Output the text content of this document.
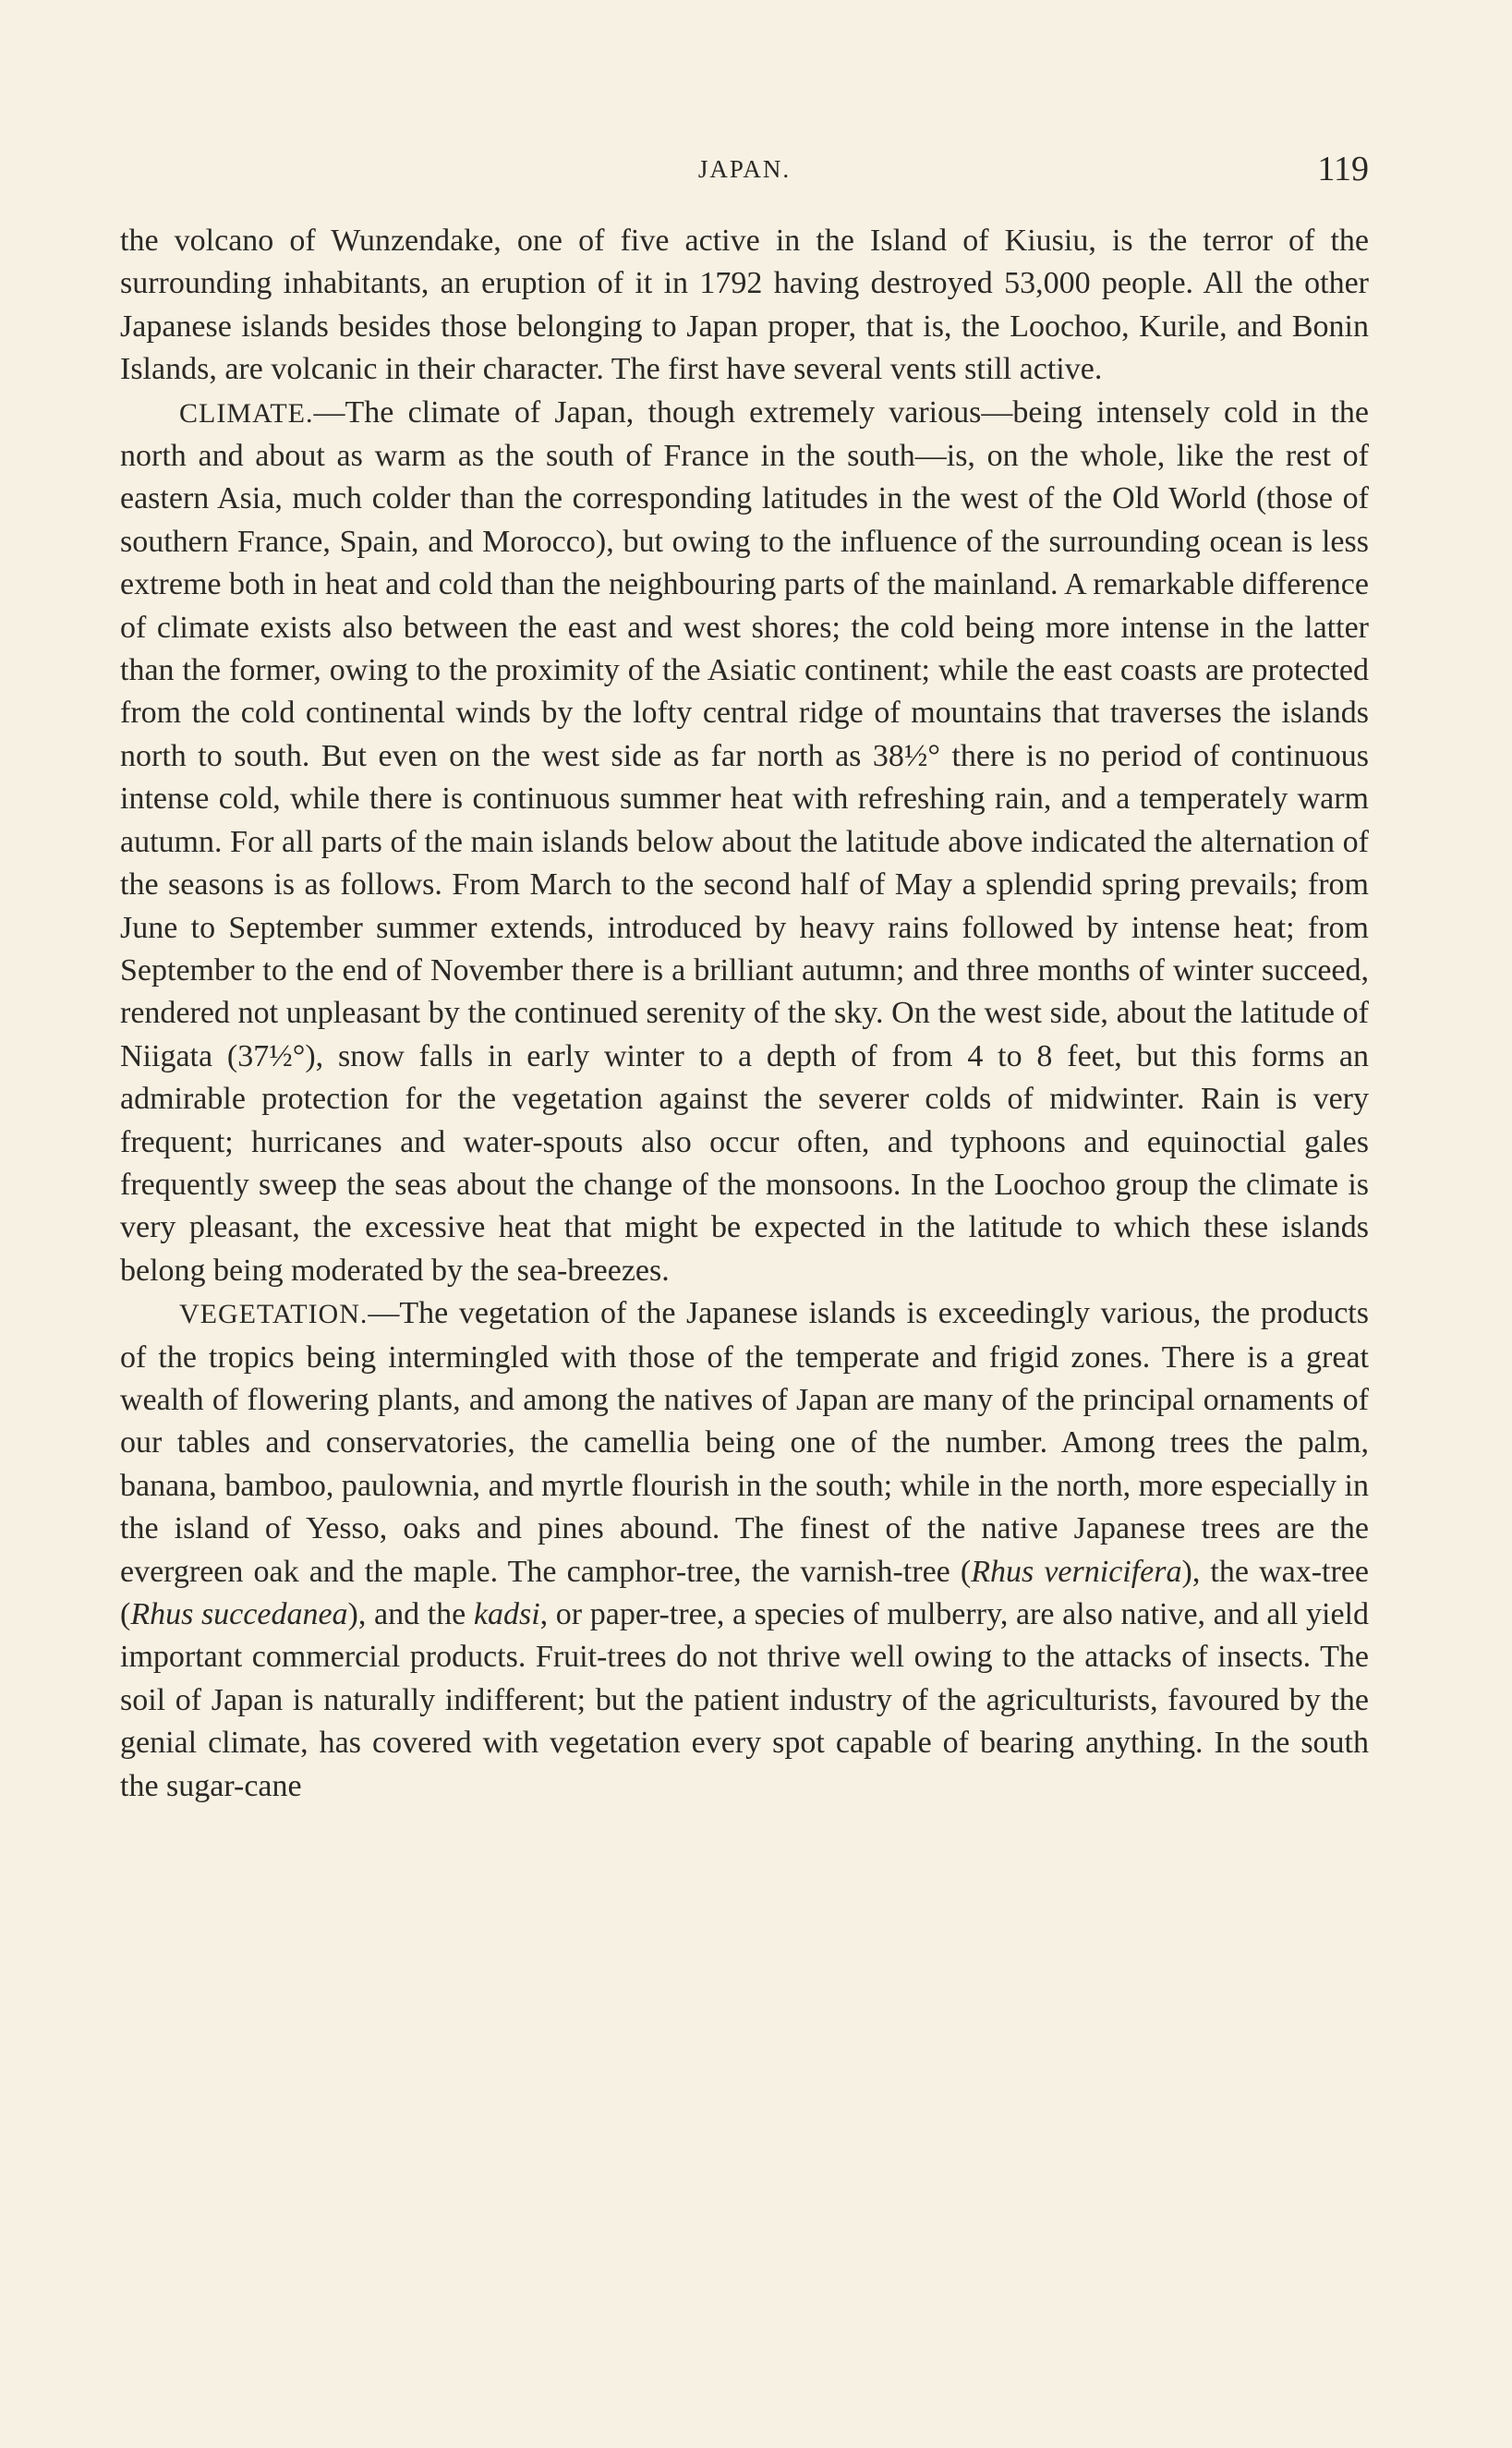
JAPAN.	119

the volcano of Wunzendake, one of five active in the Island of Kiusiu, is the terror of the surrounding inhabitants, an eruption of it in 1792 having destroyed 53,000 people. All the other Japanese islands besides those belonging to Japan proper, that is, the Loochoo, Kurile, and Bonin Islands, are volcanic in their character. The first have several vents still active.

CLIMATE.—The climate of Japan, though extremely various—being intensely cold in the north and about as warm as the south of France in the south—is, on the whole, like the rest of eastern Asia, much colder than the corresponding latitudes in the west of the Old World (those of southern France, Spain, and Morocco), but owing to the influence of the surrounding ocean is less extreme both in heat and cold than the neighbouring parts of the mainland. A remarkable difference of climate exists also between the east and west shores; the cold being more intense in the latter than the former, owing to the proximity of the Asiatic continent; while the east coasts are protected from the cold continental winds by the lofty central ridge of mountains that traverses the islands north to south. But even on the west side as far north as 38½° there is no period of continuous intense cold, while there is continuous summer heat with refreshing rain, and a temperately warm autumn. For all parts of the main islands below about the latitude above indicated the alternation of the seasons is as follows. From March to the second half of May a splendid spring prevails; from June to September summer extends, introduced by heavy rains followed by intense heat; from September to the end of November there is a brilliant autumn; and three months of winter succeed, rendered not unpleasant by the continued serenity of the sky. On the west side, about the latitude of Niigata (37½°), snow falls in early winter to a depth of from 4 to 8 feet, but this forms an admirable protection for the vegetation against the severer colds of midwinter. Rain is very frequent; hurricanes and water-spouts also occur often, and typhoons and equinoctial gales frequently sweep the seas about the change of the monsoons. In the Loochoo group the climate is very pleasant, the excessive heat that might be expected in the latitude to which these islands belong being moderated by the sea-breezes.

VEGETATION.—The vegetation of the Japanese islands is exceedingly various, the products of the tropics being intermingled with those of the temperate and frigid zones. There is a great wealth of flowering plants, and among the natives of Japan are many of the principal ornaments of our tables and conservatories, the camellia being one of the number. Among trees the palm, banana, bamboo, paulownia, and myrtle flourish in the south; while in the north, more especially in the island of Yesso, oaks and pines abound. The finest of the native Japanese trees are the evergreen oak and the maple. The camphor-tree, the varnish-tree (Rhus vernicifera), the wax-tree (Rhus succedanea), and the kadsi, or paper-tree, a species of mulberry, are also native, and all yield important commercial products. Fruit-trees do not thrive well owing to the attacks of insects. The soil of Japan is naturally indifferent; but the patient industry of the agriculturists, favoured by the genial climate, has covered with vegetation every spot capable of bearing anything. In the south the sugar-cane
